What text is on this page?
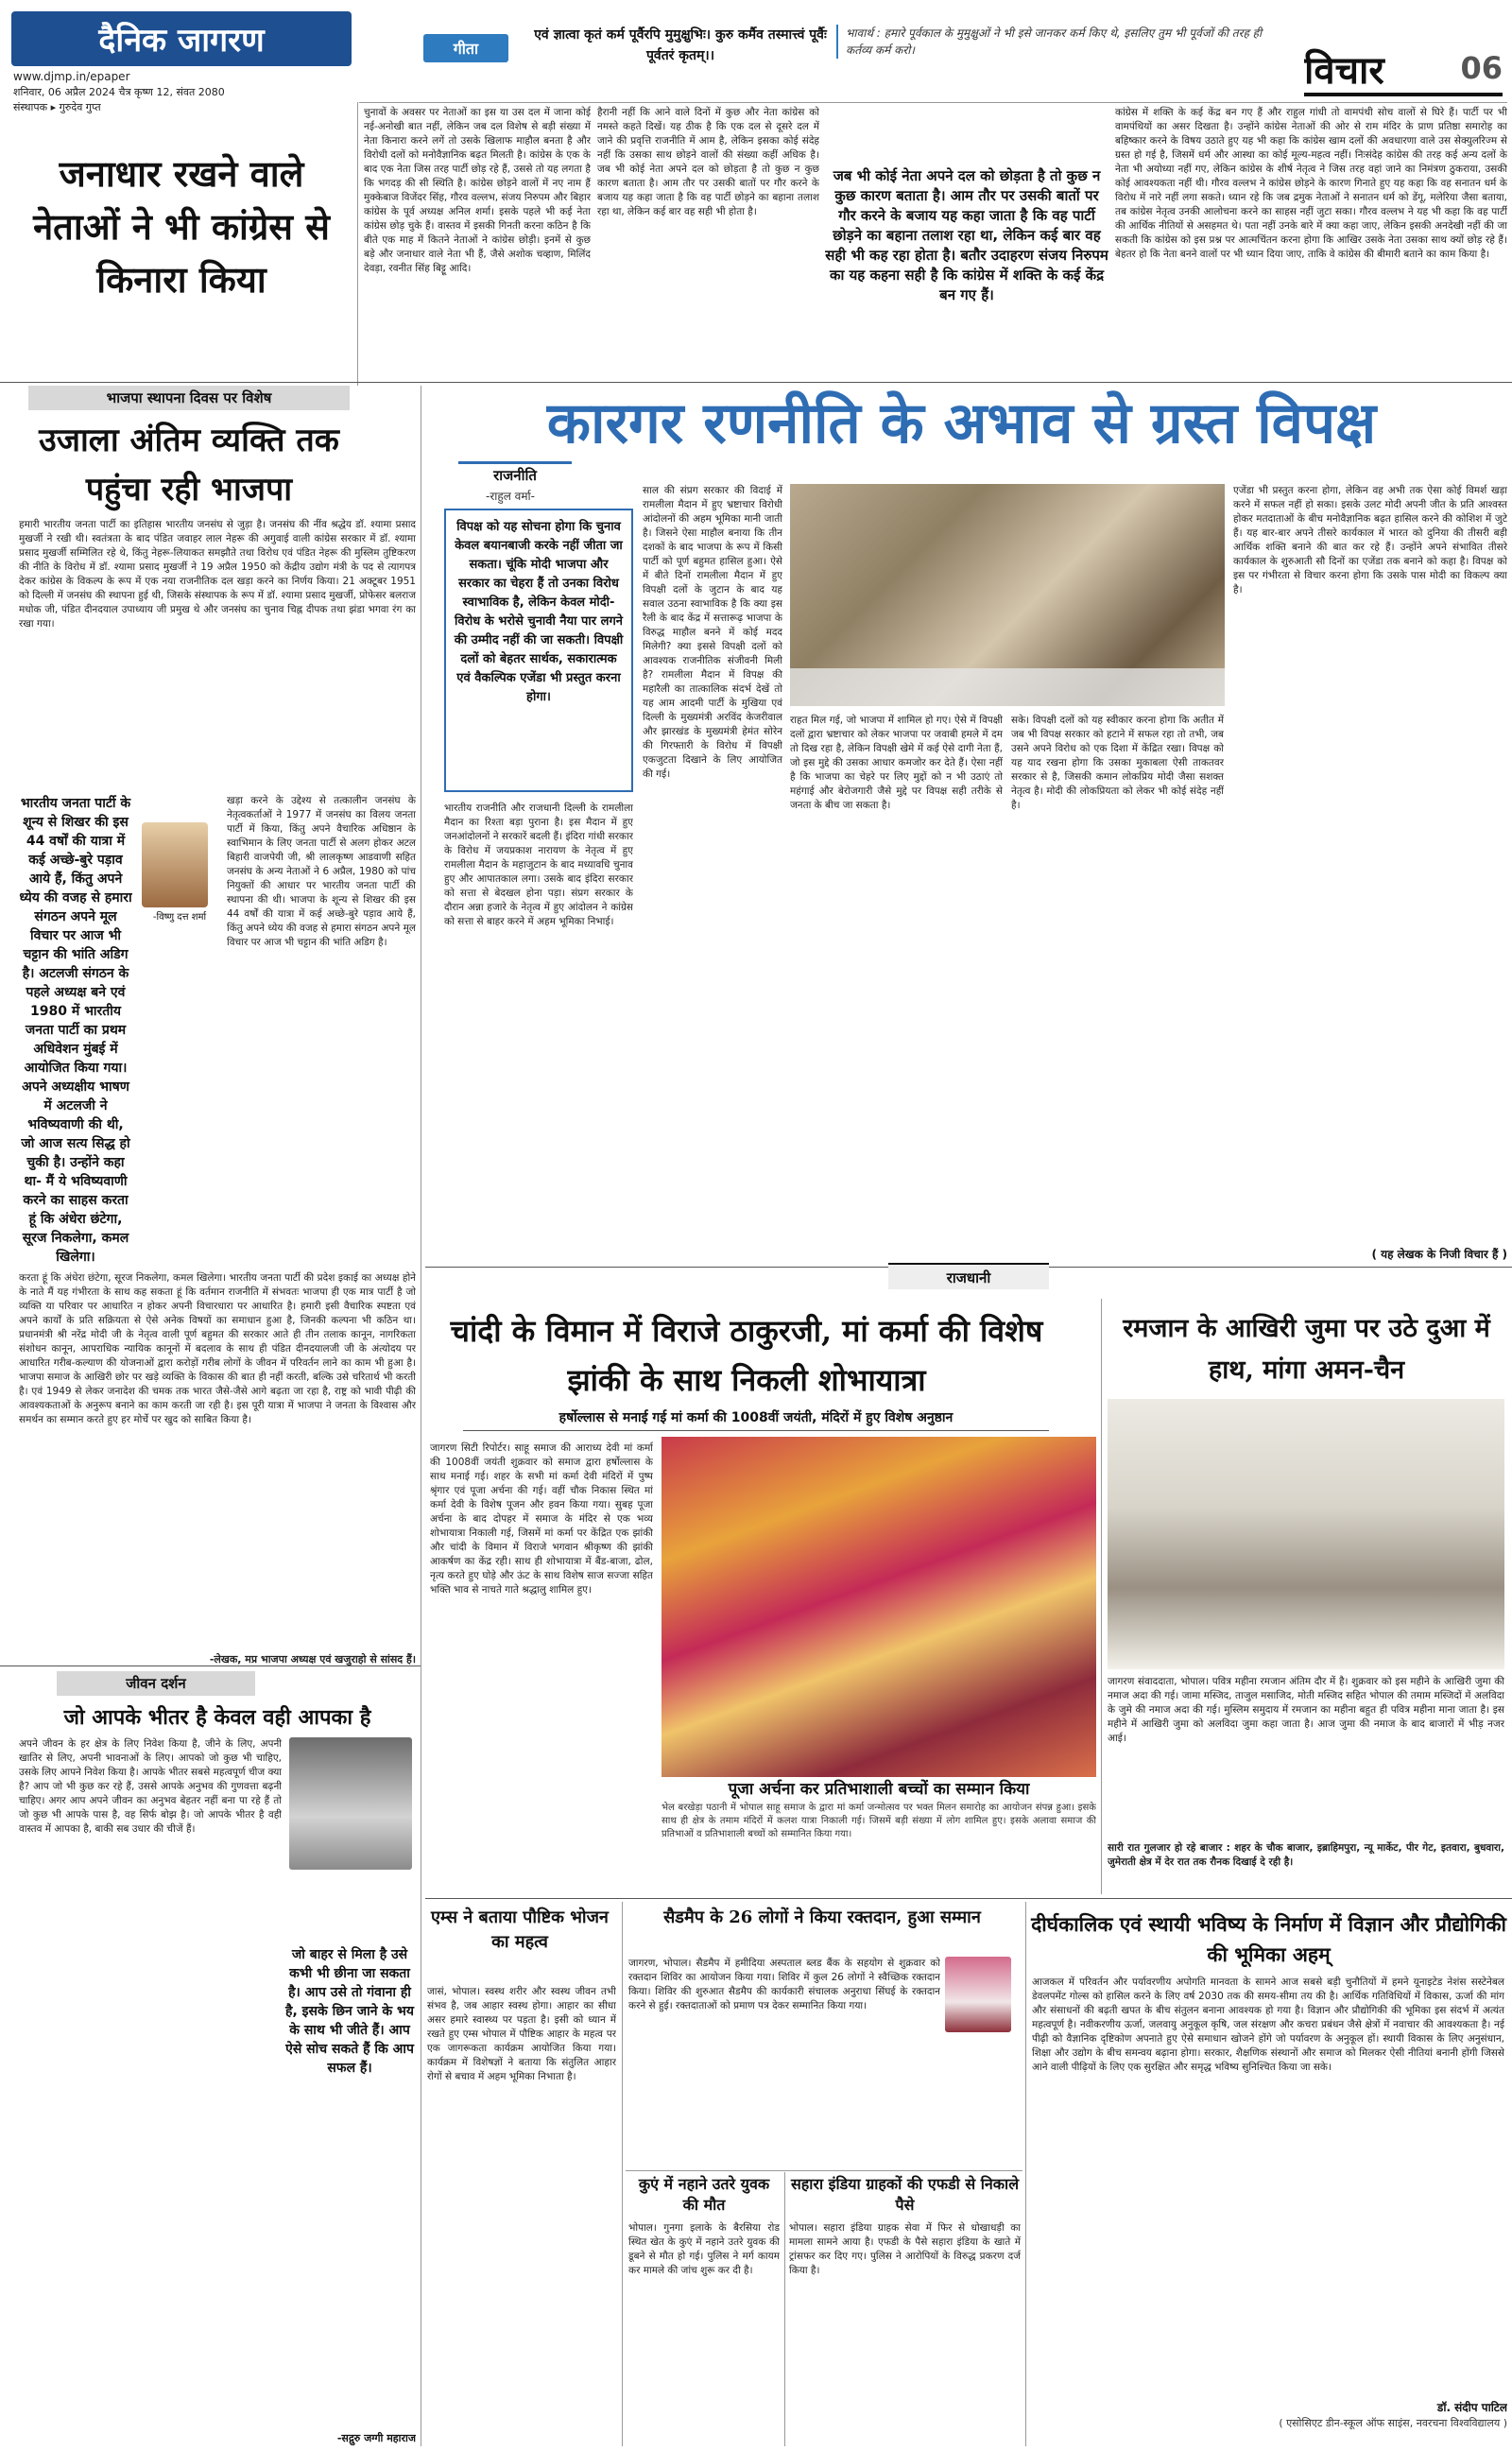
दैनिक जागरण
www.djmp.in/epaper
शनिवार, 06 अप्रैल 2024 चैत्र कृष्ण 12, संवत 2080
संस्थापक ▸ गुरुदेव गुप्त
जनाधार रखने वाले नेताओं ने भी कांग्रेस से किनारा किया
गीता
एवं ज्ञात्वा कृतं कर्म पूर्वैरपि मुमुक्षुभिः। कुरु कर्मैव तस्मात्त्वं पूर्वैः पूर्वतरं कृतम्।।
भावार्थ : हमारे पूर्वकाल के मुमुक्षुओं ने भी इसे जानकर कर्म किए थे, इसलिए तुम भी पूर्वजों की तरह ही कर्तव्य कर्म करो।	विचार	06
चुनावों के अवसर पर नेताओं का इस या उस दल में जाना कोई नई-अनोखी बात नहीं, लेकिन जब दल विशेष से बड़ी संख्या में नेता किनारा करने लगें तो उसके खिलाफ माहौल बनता है और विरोधी दलों को मनोवैज्ञानिक बढ़त मिलती है। कांग्रेस के एक के बाद एक नेता जिस तरह पार्टी छोड़ रहे हैं, उससे तो यह लगता है कि भगदड़ की सी स्थिति है। कांग्रेस छोड़ने वालों में नए नाम हैं मुक्केबाज विजेंदर सिंह, गौरव वल्लभ, संजय निरुपम और बिहार कांग्रेस के पूर्व अध्यक्ष अनिल शर्मा। इसके पहले भी कई नेता कांग्रेस छोड़ चुके हैं। वास्तव में इसकी गिनती करना कठिन है कि बीते एक माह में कितने नेताओं ने कांग्रेस छोड़ी। इनमें से कुछ बड़े और जनाधार वाले नेता भी हैं, जैसे अशोक चव्हाण, मिलिंद देवड़ा, रवनीत सिंह बिट्टू आदि।
हैरानी नहीं कि आने वाले दिनों में कुछ और नेता कांग्रेस को नमस्ते कहते दिखें। यह ठीक है कि एक दल से दूसरे दल में जाने की प्रवृत्ति राजनीति में आम है, लेकिन इसका कोई संदेह नहीं कि उसका साथ छोड़ने वालों की संख्या कहीं अधिक है। जब भी कोई नेता अपने दल को छोड़ता है तो कुछ न कुछ कारण बताता है। आम तौर पर उसकी बातों पर गौर करने के बजाय यह कहा जाता है कि वह पार्टी छोड़ने का बहाना तलाश रहा था, लेकिन कई बार वह सही भी होता है।
जब भी कोई नेता अपने दल को छोड़ता है तो कुछ न कुछ कारण बताता है। आम तौर पर उसकी बातों पर गौर करने के बजाय यह कहा जाता है कि वह पार्टी छोड़ने का बहाना तलाश रहा था, लेकिन कई बार वह सही भी कह रहा होता है। बतौर उदाहरण संजय निरुपम का यह कहना सही है कि कांग्रेस में शक्ति के कई केंद्र बन गए हैं।
कांग्रेस में शक्ति के कई केंद्र बन गए हैं और राहुल गांधी तो वामपंथी सोच वालों से घिरे हैं। पार्टी पर भी वामपंथियों का असर दिखता है। उन्होंने कांग्रेस नेताओं की ओर से राम मंदिर के प्राण प्रतिष्ठा समारोह का बहिष्कार करने के विषय उठाते हुए यह भी कहा कि कांग्रेस खाम दलों की अवधारणा वाले उस सेक्युलरिज्म से ग्रस्त हो गई है, जिसमें धर्म और आस्था का कोई मूल्य-महत्व नहीं। निःसंदेह कांग्रेस की तरह कई अन्य दलों के नेता भी अयोध्या नहीं गए, लेकिन कांग्रेस के शीर्ष नेतृत्व ने जिस तरह वहां जाने का निमंत्रण ठुकराया, उसकी कोई आवश्यकता नहीं थी। गौरव वल्लभ ने कांग्रेस छोड़ने के कारण गिनाते हुए यह कहा कि वह सनातन धर्म के विरोध में नारे नहीं लगा सकते। ध्यान रहे कि जब द्रमुक नेताओं ने सनातन धर्म को डेंगू, मलेरिया जैसा बताया, तब कांग्रेस नेतृत्व उनकी आलोचना करने का साहस नहीं जुटा सका। गौरव वल्लभ ने यह भी कहा कि वह पार्टी की आर्थिक नीतियों से असहमत थे। पता नहीं उनके बारे में क्या कहा जाए, लेकिन इसकी अनदेखी नहीं की जा सकती कि कांग्रेस को इस प्रश्न पर आत्मचिंतन करना होगा कि आखिर उसके नेता उसका साथ क्यों छोड़ रहे हैं। बेहतर हो कि नेता बनने वालों पर भी ध्यान दिया जाए, ताकि वे कांग्रेस की बीमारी बताने का काम किया है।
भाजपा स्थापना दिवस पर विशेष
उजाला अंतिम व्यक्ति तक पहुंचा रही भाजपा
हमारी भारतीय जनता पार्टी का इतिहास भारतीय जनसंघ से जुड़ा है। जनसंघ की नींव श्रद्धेय डॉ. श्यामा प्रसाद मुखर्जी ने रखी थी। स्वतंत्रता के बाद पंडित जवाहर लाल नेहरू की अगुवाई वाली कांग्रेस सरकार में डॉ. श्यामा प्रसाद मुखर्जी सम्मिलित रहे थे, किंतु नेहरू-लियाकत समझौते तथा विरोध एवं पंडित नेहरू की मुस्लिम तुष्टिकरण की नीति के विरोध में डॉ. श्यामा प्रसाद मुखर्जी ने 19 अप्रैल 1950 को केंद्रीय उद्योग मंत्री के पद से त्यागपत्र देकर कांग्रेस के विकल्प के रूप में एक नया राजनीतिक दल खड़ा करने का निर्णय किया। 21 अक्टूबर 1951 को दिल्ली में जनसंघ की स्थापना हुई थी, जिसके संस्थापक के रूप में डॉ. श्यामा प्रसाद मुखर्जी, प्रोफेसर बलराज मधोक जी, पंडित दीनदयाल उपाध्याय जी प्रमुख थे और जनसंघ का चुनाव चिह्न दीपक तथा झंडा भगवा रंग का रखा गया।
भारतीय जनता पार्टी के शून्य से शिखर की इस 44 वर्षों की यात्रा में कई अच्छे-बुरे पड़ाव आये हैं, किंतु अपने ध्येय की वजह से हमारा संगठन अपने मूल विचार पर आज भी चट्टान की भांति अडिग है। अटलजी संगठन के पहले अध्यक्ष बने एवं 1980 में भारतीय जनता पार्टी का प्रथम अधिवेशन मुंबई में आयोजित किया गया। अपने अध्यक्षीय भाषण में अटलजी ने भविष्यवाणी की थी, जो आज सत्य सिद्ध हो चुकी है। उन्होंने कहा था- मैं ये भविष्यवाणी करने का साहस करता हूं कि अंधेरा छंटेगा, सूरज निकलेगा, कमल खिलेगा।
-विष्णु दत्त शर्मा
खड़ा करने के उद्देश्य से तत्कालीन जनसंघ के नेतृत्वकर्ताओं ने 1977 में जनसंघ का विलय जनता पार्टी में किया, किंतु अपने वैचारिक अधिष्ठान के स्वाभिमान के लिए जनता पार्टी से अलग होकर अटल बिहारी वाजपेयी जी, श्री लालकृष्ण आडवाणी सहित जनसंघ के अन्य नेताओं ने 6 अप्रैल, 1980 को पांच नियुक्तों की आधार पर भारतीय जनता पार्टी की स्थापना की थी। भाजपा के शून्य से शिखर की इस 44 वर्षों की यात्रा में कई अच्छे-बुरे पड़ाव आये हैं, किंतु अपने ध्येय की वजह से हमारा संगठन अपने मूल विचार पर आज भी चट्टान की भांति अडिग है।
करता हूं कि अंधेरा छंटेगा, सूरज निकलेगा, कमल खिलेगा। भारतीय जनता पार्टी की प्रदेश इकाई का अध्यक्ष होने के नाते मैं यह गंभीरता के साथ कह सकता हूं कि वर्तमान राजनीति में संभवतः भाजपा ही एक मात्र पार्टी है जो व्यक्ति या परिवार पर आधारित न होकर अपनी विचारधारा पर आधारित है। हमारी इसी वैचारिक स्पष्टता एवं अपने कार्यों के प्रति सक्रियता से ऐसे अनेक विषयों का समाधान हुआ है, जिनकी कल्पना भी कठिन था। प्रधानमंत्री श्री नरेंद्र मोदी जी के नेतृत्व वाली पूर्ण बहुमत की सरकार आते ही तीन तलाक कानून, नागरिकता संशोधन कानून, आपराधिक न्यायिक कानूनों में बदलाव के साथ ही पंडित दीनदयालजी जी के अंत्योदय पर आधारित गरीब-कल्याण की योजनाओं द्वारा करोड़ों गरीब लोगों के जीवन में परिवर्तन लाने का काम भी हुआ है। भाजपा समाज के आखिरी छोर पर खड़े व्यक्ति के विकास की बात ही नहीं करती, बल्कि उसे चरितार्थ भी करती है। एवं 1949 से लेकर जनादेश की चमक तक भारत जैसे-जैसे आगे बढ़ता जा रहा है, राष्ट्र को भावी पीढ़ी की आवश्यकताओं के अनुरूप बनाने का काम करती जा रही है। इस पूरी यात्रा में भाजपा ने जनता के विश्वास और समर्थन का सम्मान करते हुए हर मोर्चे पर खुद को साबित किया है।
-लेखक, मप्र भाजपा अध्यक्ष एवं खजुराहो से सांसद हैं।
कारगर रणनीति के अभाव से ग्रस्त विपक्ष
राजनीति
-राहुल वर्मा-
विपक्ष को यह सोचना होगा कि चुनाव केवल बयानबाजी करके नहीं जीता जा सकता। चूंकि मोदी भाजपा और सरकार का चेहरा हैं तो उनका विरोध स्वाभाविक है, लेकिन केवल मोदी-विरोध के भरोसे चुनावी नैया पार लगने की उम्मीद नहीं की जा सकती। विपक्षी दलों को बेहतर सार्थक, सकारात्मक एवं वैकल्पिक एजेंडा भी प्रस्तुत करना होगा।
भारतीय राजनीति और राजधानी दिल्ली के रामलीला मैदान का रिश्ता बड़ा पुराना है। इस मैदान में हुए जनआंदोलनों ने सरकारें बदली हैं। इंदिरा गांधी सरकार के विरोध में जयप्रकाश नारायण के नेतृत्व में हुए रामलीला मैदान के महाजुटान के बाद मध्यावधि चुनाव हुए और आपातकाल लगा। उसके बाद इंदिरा सरकार को सत्ता से बेदखल होना पड़ा। संप्रग सरकार के दौरान अन्ना हजारे के नेतृत्व में हुए आंदोलन ने कांग्रेस को सत्ता से बाहर करने में अहम भूमिका निभाई।
साल की संप्रग सरकार की विदाई में रामलीला मैदान में हुए भ्रष्टाचार विरोधी आंदोलनों की अहम भूमिका मानी जाती है। जिसने ऐसा माहौल बनाया कि तीन दशकों के बाद भाजपा के रूप में किसी पार्टी को पूर्ण बहुमत हासिल हुआ। ऐसे में बीते दिनों रामलीला मैदान में हुए विपक्षी दलों के जुटान के बाद यह सवाल उठना स्वाभाविक है कि क्या इस रैली के बाद केंद्र में सत्तारूढ़ भाजपा के विरुद्ध माहौल बनने में कोई मदद मिलेगी? क्या इससे विपक्षी दलों को आवश्यक राजनीतिक संजीवनी मिली है? रामलीला मैदान में विपक्ष की महारैली का तात्कालिक संदर्भ देखें तो यह आम आदमी पार्टी के मुखिया एवं दिल्ली के मुख्यमंत्री अरविंद केजरीवाल और झारखंड के मुख्यमंत्री हेमंत सोरेन की गिरफ्तारी के विरोध में विपक्षी एकजुटता दिखाने के लिए आयोजित की गई।
राहत मिल गई, जो भाजपा में शामिल हो गए। ऐसे में विपक्षी दलों द्वारा भ्रष्टाचार को लेकर भाजपा पर जवाबी हमले में दम तो दिख रहा है, लेकिन विपक्षी खेमे में कई ऐसे दागी नेता हैं, जो इस मुद्दे की उसका आधार कमजोर कर देते हैं। ऐसा नहीं है कि भाजपा का चेहरे पर लिए मुद्दों को न भी उठाएं तो महंगाई और बेरोजगारी जैसे मुद्दे पर विपक्ष सही तरीके से जनता के बीच जा सकता है।
सके। विपक्षी दलों को यह स्वीकार करना होगा कि अतीत में जब भी विपक्ष सरकार को हटाने में सफल रहा तो तभी, जब उसने अपने विरोध को एक दिशा में केंद्रित रखा। विपक्ष को यह याद रखना होगा कि उसका मुकाबला ऐसी ताकतवर सरकार से है, जिसकी कमान लोकप्रिय मोदी जैसा सशक्त नेतृत्व है। मोदी की लोकप्रियता को लेकर भी कोई संदेह नहीं है।
एजेंडा भी प्रस्तुत करना होगा, लेकिन वह अभी तक ऐसा कोई विमर्श खड़ा करने में सफल नहीं हो सका। इसके उलट मोदी अपनी जीत के प्रति आश्वस्त होकर मतदाताओं के बीच मनोवैज्ञानिक बढ़त हासिल करने की कोशिश में जुटे हैं। यह बार-बार अपने तीसरे कार्यकाल में भारत को दुनिया की तीसरी बड़ी आर्थिक शक्ति बनाने की बात कर रहे हैं। उन्होंने अपने संभावित तीसरे कार्यकाल के शुरुआती सौ दिनों का एजेंडा तक बनाने को कहा है। विपक्ष को इस पर गंभीरता से विचार करना होगा कि उसके पास मोदी का विकल्प क्या है।
( यह लेखक के निजी विचार हैं )
राजधानी
चांदी के विमान में विराजे ठाकुरजी, मां कर्मा की विशेष झांकी के साथ निकली शोभायात्रा
हर्षोल्लास से मनाई गई मां कर्मा की 1008वीं जयंती, मंदिरों में हुए विशेष अनुष्ठान
जागरण सिटी रिपोर्टर। साहू समाज की आराध्य देवी मां कर्मा की 1008वीं जयंती शुक्रवार को समाज द्वारा हर्षोल्लास के साथ मनाई गई। शहर के सभी मां कर्मा देवी मंदिरों में पुष्प श्रृंगार एवं पूजा अर्चना की गई। वहीं चौक निकास स्थित मां कर्मा देवी के विशेष पूजन और हवन किया गया। सुबह पूजा अर्चना के बाद दोपहर में समाज के मंदिर से एक भव्य शोभायात्रा निकाली गई, जिसमें मां कर्मा पर केंद्रित एक झांकी और चांदी के विमान में विराजे भगवान श्रीकृष्ण की झांकी आकर्षण का केंद्र रही। साथ ही शोभायात्रा में बैंड-बाजा, ढोल, नृत्य करते हुए घोड़े और ऊंट के साथ विशेष साज सज्जा सहित भक्ति भाव से नाचते गाते श्रद्धालु शामिल हुए।
पूजा अर्चना कर प्रतिभाशाली बच्चों का सम्मान किया
भेल बरखेड़ा पठानी में भोपाल साहू समाज के द्वारा मां कर्मा जन्मोत्सव पर भक्त मिलन समारोह का आयोजन संपन्न हुआ। इसके साथ ही क्षेत्र के तमाम मंदिरों में कलश यात्रा निकाली गई। जिसमें बड़ी संख्या में लोग शामिल हुए। इसके अलावा समाज की प्रतिभाओं व प्रतिभाशाली बच्चों को सम्मानित किया गया।
रमजान के आखिरी जुमा पर उठे दुआ में हाथ, मांगा अमन-चैन
जागरण संवाददाता, भोपाल। पवित्र महीना रमजान अंतिम दौर में है। शुक्रवार को इस महीने के आखिरी जुमा की नमाज अदा की गई। जामा मस्जिद, ताजुल मसाजिद, मोती मस्जिद सहित भोपाल की तमाम मस्जिदों में अलविदा के जुमे की नमाज अदा की गई। मुस्लिम समुदाय में रमजान का महीना बहुत ही पवित्र महीना माना जाता है। इस महीने में आखिरी जुमा को अलविदा जुमा कहा जाता है। आज जुमा की नमाज के बाद बाजारों में भीड़ नजर आई।
सारी रात गुलजार हो रहे बाजार : शहर के चौक बाजार, इब्राहिमपुरा, न्यू मार्केट, पीर गेट, इतवारा, बुधवारा, जुमेराती क्षेत्र में देर रात तक रौनक दिखाई दे रही है।
जीवन दर्शन
जो आपके भीतर है केवल वही आपका है
अपने जीवन के हर क्षेत्र के लिए निवेश किया है, जीने के लिए, अपनी खातिर से लिए, अपनी भावनाओं के लिए। आपको जो कुछ भी चाहिए, उसके लिए आपने निवेश किया है। आपके भीतर सबसे महत्वपूर्ण चीज क्या है? आप जो भी कुछ कर रहे हैं, उससे आपके अनुभव की गुणवत्ता बढ़नी चाहिए। अगर आप अपने जीवन का अनुभव बेहतर नहीं बना पा रहे हैं तो जो कुछ भी आपके पास है, वह सिर्फ बोझ है। जो आपके भीतर है वही वास्तव में आपका है, बाकी सब उधार की चीजें हैं।
जो बाहर से मिला है उसे कभी भी छीना जा सकता है। आप उसे तो गंवाना ही है, इसके छिन जाने के भय के साथ भी जीते हैं। आप ऐसे सोच सकते हैं कि आप सफल हैं।
-सद्गुरु जग्गी महाराज
एम्स ने बताया पौष्टिक भोजन का महत्व
जासं, भोपाल। स्वस्थ शरीर और स्वस्थ जीवन तभी संभव है, जब आहार स्वस्थ होगा। आहार का सीधा असर हमारे स्वास्थ्य पर पड़ता है। इसी को ध्यान में रखते हुए एम्स भोपाल में पौष्टिक आहार के महत्व पर एक जागरूकता कार्यक्रम आयोजित किया गया। कार्यक्रम में विशेषज्ञों ने बताया कि संतुलित आहार रोगों से बचाव में अहम भूमिका निभाता है।
सैडमैप के 26 लोगों ने किया रक्तदान, हुआ सम्मान
जागरण, भोपाल। सैडमैप में हमीदिया अस्पताल ब्लड बैंक के सहयोग से शुक्रवार को रक्तदान शिविर का आयोजन किया गया। शिविर में कुल 26 लोगों ने स्वैच्छिक रक्तदान किया। शिविर की शुरुआत सैडमैप की कार्यकारी संचालक अनुराधा सिंघई के रक्तदान करने से हुई। रक्तदाताओं को प्रमाण पत्र देकर सम्मानित किया गया।
कुएं में नहाने उतरे युवक की मौत
भोपाल। गुनगा इलाके के बैरसिया रोड स्थित खेत के कुएं में नहाने उतरे युवक की डूबने से मौत हो गई। पुलिस ने मर्ग कायम कर मामले की जांच शुरू कर दी है।
सहारा इंडिया ग्राहकों की एफडी से निकाले पैसे
भोपाल। सहारा इंडिया ग्राहक सेवा में फिर से धोखाधड़ी का मामला सामने आया है। एफडी के पैसे सहारा इंडिया के खाते में ट्रांसफर कर दिए गए। पुलिस ने आरोपियों के विरुद्ध प्रकरण दर्ज किया है।
दीर्घकालिक एवं स्थायी भविष्य के निर्माण में विज्ञान और प्रौद्योगिकी की भूमिका अहम्
आजकल में परिवर्तन और पर्यावरणीय अपोगति मानवता के सामने आज सबसे बड़ी चुनौतियों में हमने यूनाइटेड नेशंस सस्टेनेबल डेवलपमेंट गोल्स को हासिल करने के लिए वर्ष 2030 तक की समय-सीमा तय की है। आर्थिक गतिविधियों में विकास, ऊर्जा की मांग और संसाधनों की बढ़ती खपत के बीच संतुलन बनाना आवश्यक हो गया है। विज्ञान और प्रौद्योगिकी की भूमिका इस संदर्भ में अत्यंत महत्वपूर्ण है। नवीकरणीय ऊर्जा, जलवायु अनुकूल कृषि, जल संरक्षण और कचरा प्रबंधन जैसे क्षेत्रों में नवाचार की आवश्यकता है। नई पीढ़ी को वैज्ञानिक दृष्टिकोण अपनाते हुए ऐसे समाधान खोजने होंगे जो पर्यावरण के अनुकूल हों। स्थायी विकास के लिए अनुसंधान, शिक्षा और उद्योग के बीच समन्वय बढ़ाना होगा। सरकार, शैक्षणिक संस्थानों और समाज को मिलकर ऐसी नीतियां बनानी होंगी जिससे आने वाली पीढ़ियों के लिए एक सुरक्षित और समृद्ध भविष्य सुनिश्चित किया जा सके।
डॉ. संदीप पाटिल
( एसोसिएट डीन-स्कूल ऑफ साइंस, नवरचना विश्वविद्यालय )
